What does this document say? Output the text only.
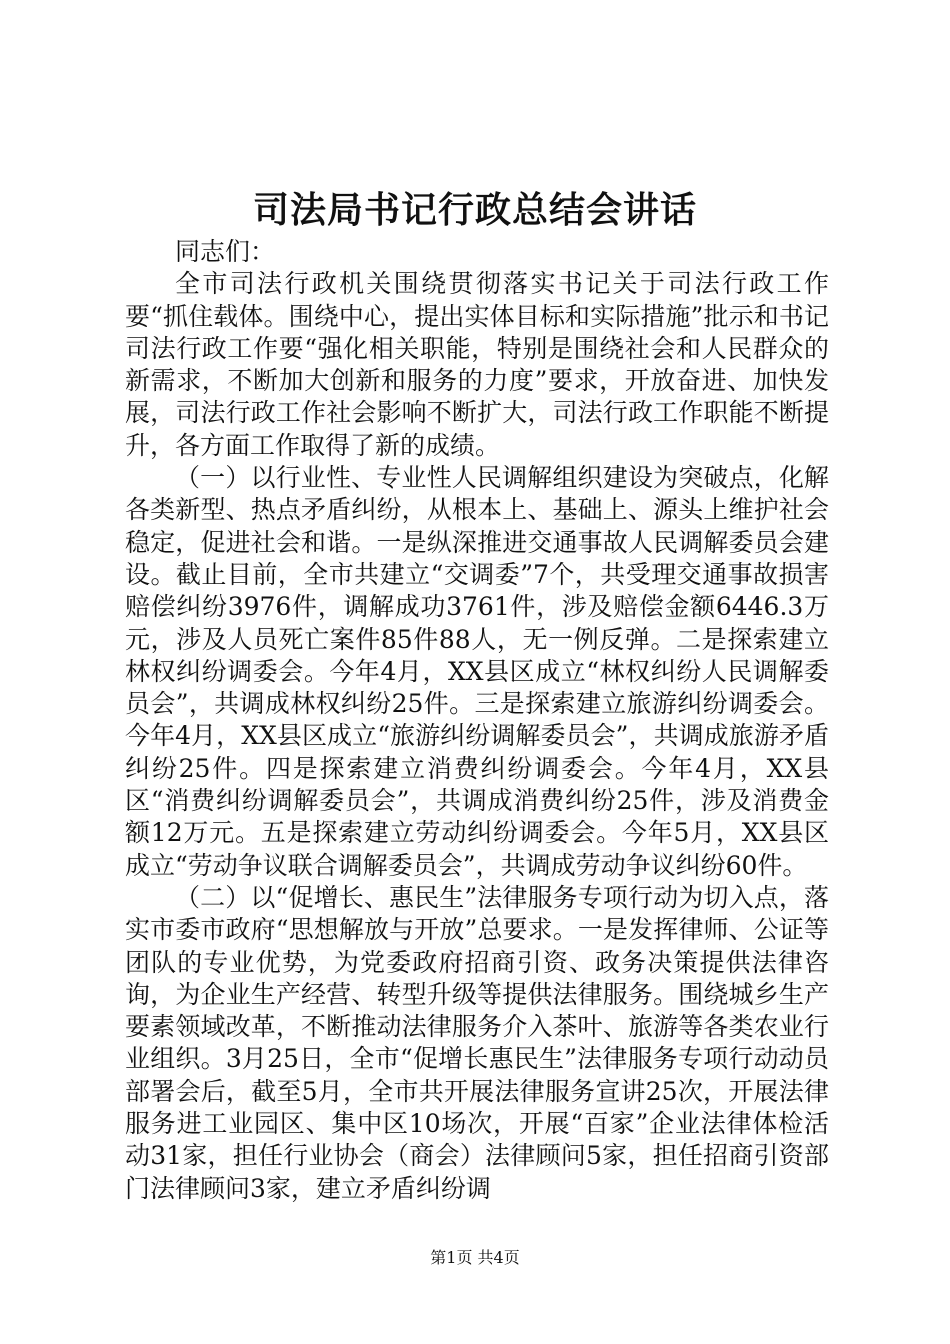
司法局书记行政总结会讲话

同志们：

全市司法行政机关围绕贯彻落实书记关于司法行政工作要“抓住载体。围绕中心，提出实体目标和实际措施”批示和书记司法行政工作要“强化相关职能，特别是围绕社会和人民群众的新需求，不断加大创新和服务的力度”要求，开放奋进、加快发展，司法行政工作社会影响不断扩大，司法行政工作职能不断提升，各方面工作取得了新的成绩。

（一）以行业性、专业性人民调解组织建设为突破点，化解各类新型、热点矛盾纠纷，从根本上、基础上、源头上维护社会稳定，促进社会和谐。一是纵深推进交通事故人民调解委员会建设。截止目前，全市共建立“交调委”7个，共受理交通事故损害赔偿纠纷3976件，调解成功3761件，涉及赔偿金额6446.3万元，涉及人员死亡案件85件88人，无一例反弹。二是探索建立林权纠纷调委会。今年4月，XX县区成立“林权纠纷人民调解委员会”，共调成林权纠纷25件。三是探索建立旅游纠纷调委会。今年4月，XX县区成立“旅游纠纷调解委员会”，共调成旅游矛盾纠纷25件。四是探索建立消费纠纷调委会。今年4月，XX县区“消费纠纷调解委员会”，共调成消费纠纷25件，涉及消费金额12万元。五是探索建立劳动纠纷调委会。今年5月，XX县区成立“劳动争议联合调解委员会”，共调成劳动争议纠纷60件。

（二）以“促增长、惠民生”法律服务专项行动为切入点，落实市委市政府“思想解放与开放”总要求。一是发挥律师、公证等团队的专业优势，为党委政府招商引资、政务决策提供法律咨询，为企业生产经营、转型升级等提供法律服务。围绕城乡生产要素领域改革，不断推动法律服务介入茶叶、旅游等各类农业行业组织。3月25日，全市“促增长惠民生”法律服务专项行动动员部署会后，截至5月，全市共开展法律服务宣讲25次，开展法律服务进工业园区、集中区10场次，开展“百家”企业法律体检活动31家，担任行业协会（商会）法律顾问5家，担任招商引资部门法律顾问3家，建立矛盾纠纷调

第1页 共4页
